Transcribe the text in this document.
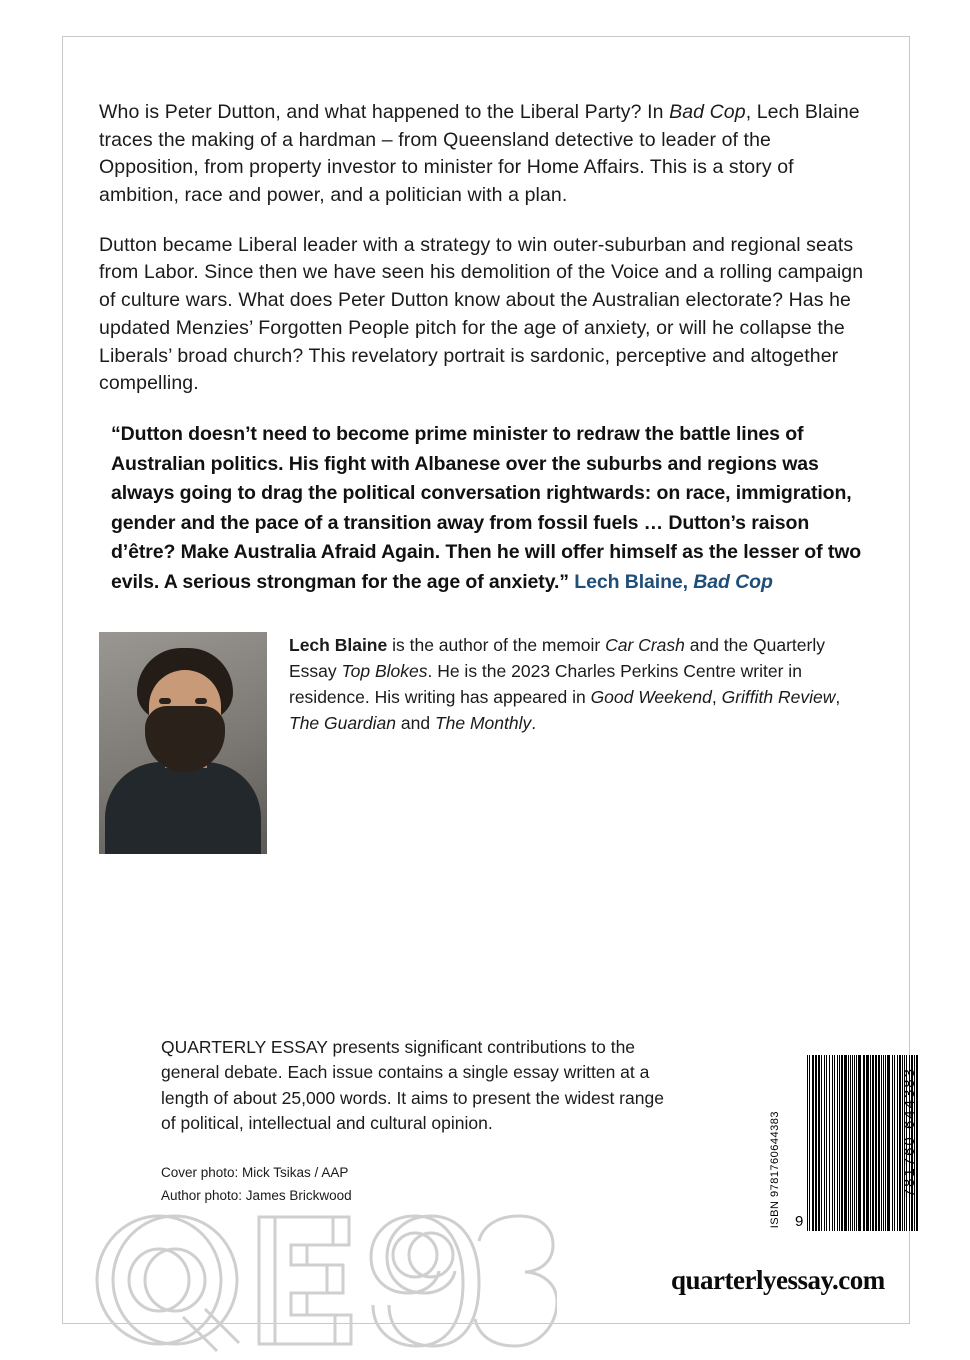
Who is Peter Dutton, and what happened to the Liberal Party? In Bad Cop, Lech Blaine traces the making of a hardman – from Queensland detective to leader of the Opposition, from property investor to minister for Home Affairs. This is a story of ambition, race and power, and a politician with a plan.

Dutton became Liberal leader with a strategy to win outer-suburban and regional seats from Labor. Since then we have seen his demolition of the Voice and a rolling campaign of culture wars. What does Peter Dutton know about the Australian electorate? Has he updated Menzies’ Forgotten People pitch for the age of anxiety, or will he collapse the Liberals’ broad church? This revelatory portrait is sardonic, perceptive and altogether compelling.

“Dutton doesn’t need to become prime minister to redraw the battle lines of Australian politics. His fight with Albanese over the suburbs and regions was always going to drag the political conversation rightwards: on race, immigration, gender and the pace of a transition away from fossil fuels … Dutton’s raison d’être? Make Australia Afraid Again. Then he will offer himself as the lesser of two evils. A serious strongman for the age of anxiety.” Lech Blaine, Bad Cop
Lech Blaine is the author of the memoir Car Crash and the Quarterly Essay Top Blokes. He is the 2023 Charles Perkins Centre writer in residence. His writing has appeared in Good Weekend, Griffith Review, The Guardian and The Monthly.

QUARTERLY ESSAY presents significant contributions to the general debate. Each issue contains a single essay written at a length of about 25,000 words. It aims to present the widest range of political, intellectual and cultural opinion.

Cover photo: Mick Tsikas / AAP
Author photo: James Brickwood	ISBN 9781760644383	781760 644383
9
quarterlyessay.com
